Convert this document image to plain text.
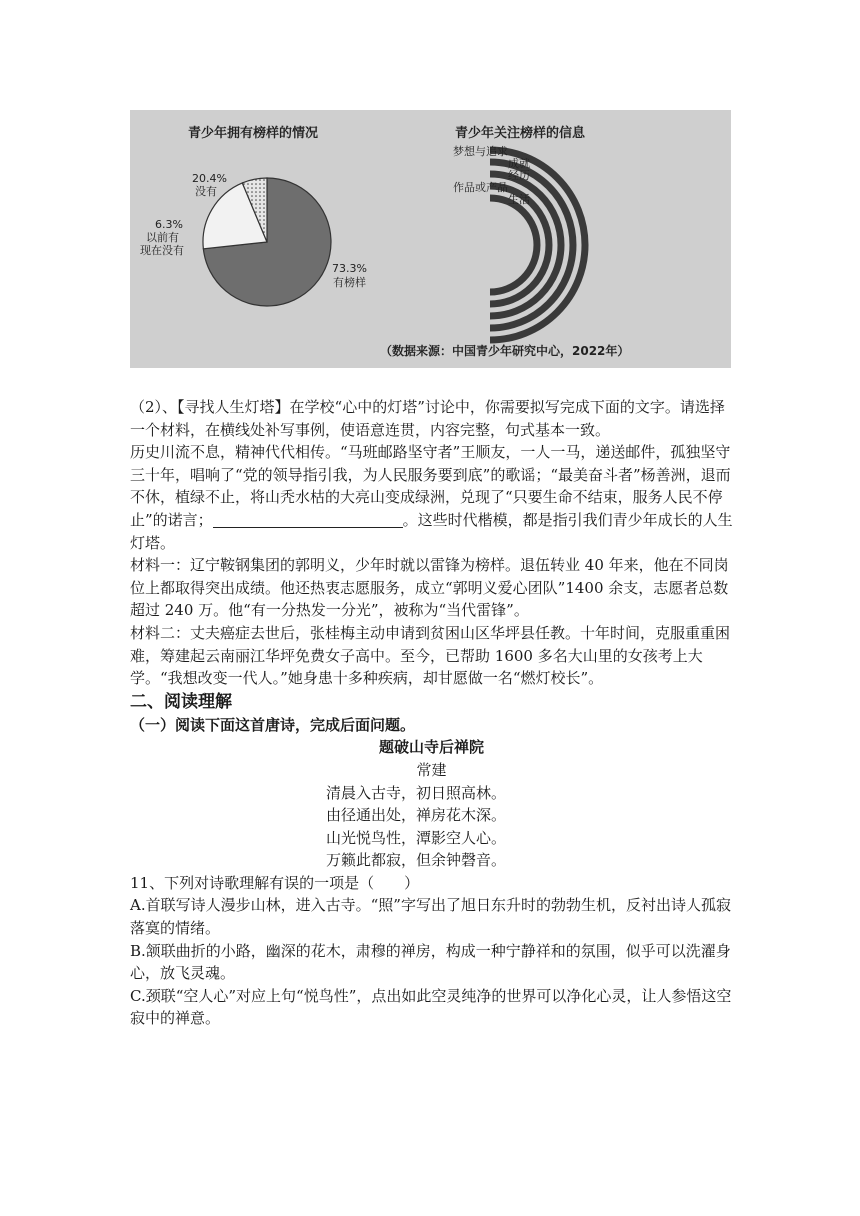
青少年拥有榜样的情况
20.4%
没有
6.3%
以前有
现在没有
73.3%
有榜样
青少年关注榜样的信息
梦想与追求
成就
经历
作品或产品
生活
（数据来源：中国青少年研究中心，2022年）

（2）、【寻找人生灯塔】在学校“心中的灯塔”讨论中，你需要拟写完成下面的文字。请选择一个材料，在横线处补写事例，使语意连贯，内容完整，句式基本一致。

历史川流不息，精神代代相传。“马班邮路坚守者”王顺友，一人一马，递送邮件，孤独坚守三十年，唱响了“党的领导指引我，为人民服务要到底”的歌谣；“最美奋斗者”杨善洲，退而不休，植绿不止，将山秃水枯的大亮山变成绿洲，兑现了“只要生命不结束，服务人民不停止”的诺言；	。这些时代楷模，都是指引我们青少年成长的人生灯塔。

材料一：辽宁鞍钢集团的郭明义，少年时就以雷锋为榜样。退伍转业 40 年来，他在不同岗位上都取得突出成绩。他还热衷志愿服务，成立“郭明义爱心团队”1400 余支，志愿者总数超过 240 万。他“有一分热发一分光”，被称为“当代雷锋”。

材料二：丈夫癌症去世后，张桂梅主动申请到贫困山区华坪县任教。十年时间，克服重重困难，筹建起云南丽江华坪免费女子高中。至今，已帮助 1600 多名大山里的女孩考上大学。“我想改变一代人。”她身患十多种疾病，却甘愿做一名“燃灯校长”。

二、阅读理解

（一）阅读下面这首唐诗，完成后面问题。

题破山寺后禅院

常建

清晨入古寺，初日照高林。

由径通出处，禅房花木深。

山光悦鸟性，潭影空人心。

万籁此都寂，但余钟磬音。

11、下列对诗歌理解有误的一项是（　　）

A.首联写诗人漫步山林，进入古寺。“照”字写出了旭日东升时的勃勃生机，反衬出诗人孤寂落寞的情绪。

B.颔联曲折的小路，幽深的花木，肃穆的禅房，构成一种宁静祥和的氛围，似乎可以洗濯身心，放飞灵魂。

C.颈联“空人心”对应上句“悦鸟性”，点出如此空灵纯净的世界可以净化心灵，让人参悟这空寂中的禅意。
